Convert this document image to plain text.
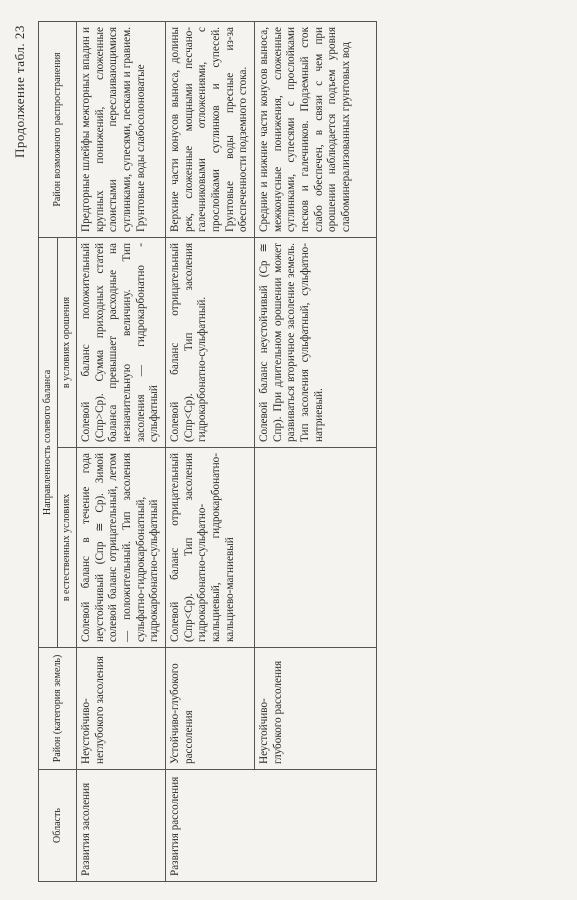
Продолжение табл. 23
Область	Район (категория земель)	Направленность солевого баланса		Район возможного распространения
		в естественных условиях	в условиях орошения	
Развития засоления	Неустойчиво-неглубокого засоления	Солевой баланс в течение года неустойчивый (Спр ≅ Ср). Зимой солевой баланс отрицательный, летом — положительный. Тип засоления сульфатно-гидрокарбонатный, гидрокарбонатно-сульфатный	Солевой баланс положительный (Спр>Ср). Сумма приходных статей баланса превышает расходные на незначительную величину. Тип засоления — гидрокарбонатно - сульфатный	Предгорные шлейфы межгорных впадин и крупных понижений, сложенные слоистыми переслаивающимися суглинками, супесями, песками и гравием. Грунтовые воды слабосолоноватые
Развития рассоления	Устойчиво-глубокого рассоления	Солевой баланс отрицательный (Спр<Ср). Тип засоления гидрокарбонатно-сульфатно-кальциевый, гидрокарбонатно-кальциево-магниевый	Солевой баланс отрицательный (Спр<Ср). Тип засоления гидрокарбонатно-сульфатный.	Верхние части конусов выноса, долины рек, сложенные мощными песчано-галечниковыми отложениями, с прослойками суглинков и супесей. Грунтовые воды пресные из-за обеспеченности подземного стока.
	Неустойчиво-глубокого рассоления		Солевой баланс неустойчивый (Ср ≅ Спр). При длительном орошении может развиваться вторичное засоление земель. Тип засоления сульфатный, сульфатно-натриевый.	Средние и нижние части конусов выноса, межконусные понижения, сложенные суглинками, супесями с прослойками песков и галечников. Подземный сток слабо обеспечен, в связи с чем при орошении наблюдается подъем уровня слабоминерализованных грунтовых вод
